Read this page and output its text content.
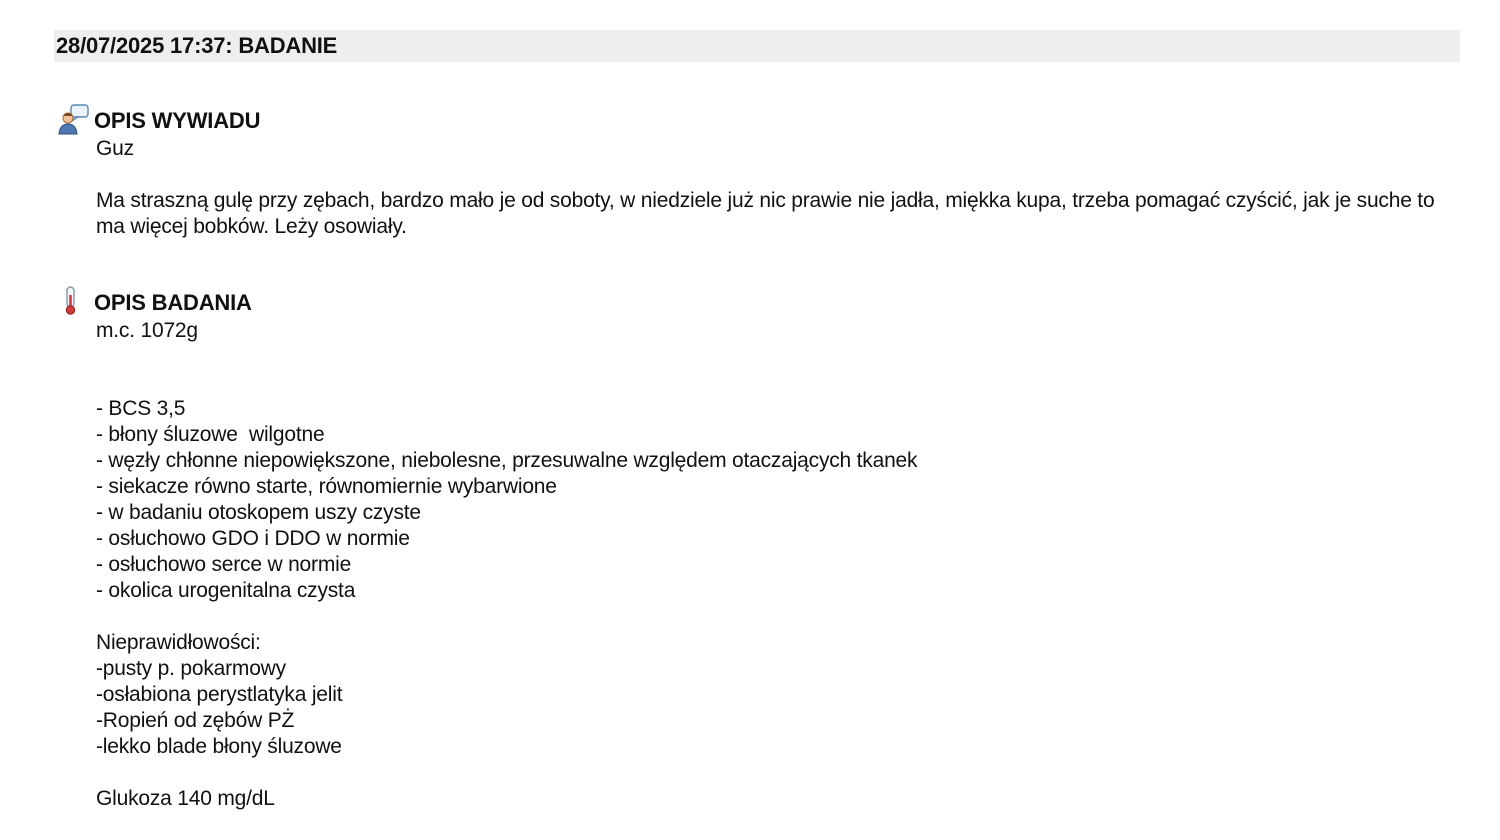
28/07/2025 17:37: BADANIE
OPIS WYWIADU
Guz
Ma straszną gulę przy zębach, bardzo mało je od soboty, w niedziele już nic prawie nie jadła, miękka kupa, trzeba pomagać czyścić, jak je suche to ma więcej bobków. Leży osowiały.
OPIS BADANIA
m.c. 1072g
- BCS 3,5
- błony śluzowe  wilgotne
- węzły chłonne niepowiększone, niebolesne, przesuwalne względem otaczających tkanek
- siekacze równo starte, równomiernie wybarwione
- w badaniu otoskopem uszy czyste
- osłuchowo GDO i DDO w normie
- osłuchowo serce w normie
- okolica urogenitalna czysta
Nieprawidłowości:
-pusty p. pokarmowy
-osłabiona perystlatyka jelit
-Ropień od zębów PŻ
-lekko blade błony śluzowe
Glukoza 140 mg/dL
